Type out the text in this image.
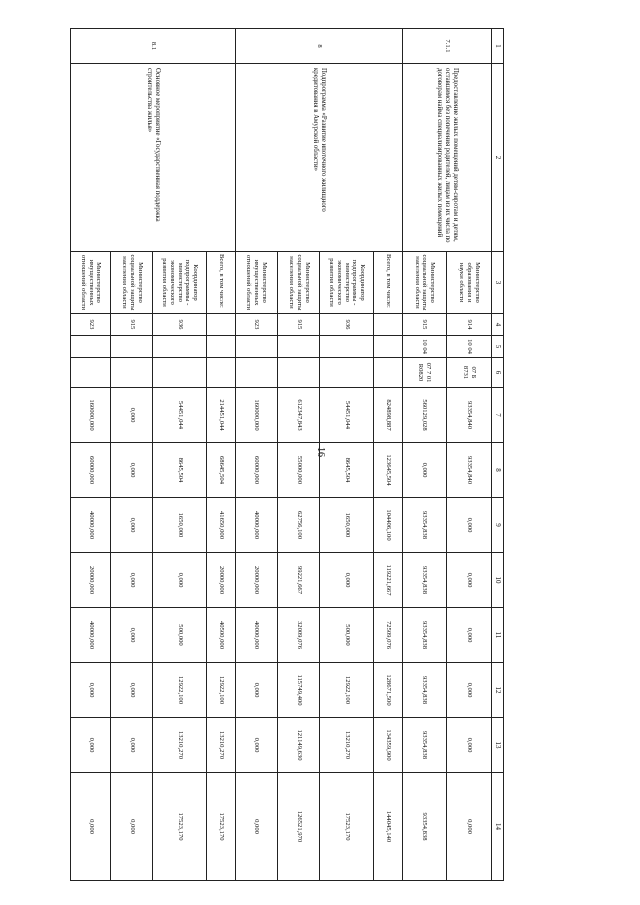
16
1	2	3	4	5	6	7	8	9	10	11	12	13	14
7.1.1	Предоставление жилых помещений детям-сиротам и детям, оставшимся без попечения родителей, лицам из их числа по договорам найма специализированных жилых помещений	Министерство образования и науки области	914	10 04	07 Б 8731	93354,840	93354,840	0,000	0,000	0,000	0,000	0,000	0,000
		Министерство социальной защиты населения области	915	10 04	07 7 01 R0820	560129,028	0,000	93354,838	93354,838	93354,838	93354,838	93354,838	93354,838
8	Подпрограмма «Развитие ипотечного жилищного кредитования в Амурской области»	Всего, в том числе:				824898,887	123645,504	104406,100	119221,667	72509,076	128671,500	134359,900	144045,140
		Координатор подпрограммы - министерство экономического развития области	936			54451,044	8645,504	1650,000	0,000	500,000	12922,100	13210,270	17523,170
		Министерство социальной защиты населения области	915			612347,843	55000,000	62756,100	99221,667	32009,076	115749,400	121149,630	126521,970
		Министерство имущественных отношений области	923			160000,000	60000,000	40000,000	20000,000	40000,000	0,000	0,000	0,000
8.1	Основное мероприятие «Государственная поддержка строительства жилья»	Всего, в том числе:				214451,044	68645,504	41650,000	20000,000	40500,000	12922,100	13210,270	17523,170
		Координатор подпрограммы - министерство экономического развития области	936			54451,044	8645,504	1650,000	0,000	500,000	12922,100	13210,270	17523,170
		Министерство социальной защиты населения области	915			0,000	0,000	0,000	0,000	0,000	0,000	0,000	0,000
		Министерство имущественных отношений области	923			160000,000	60000,000	40000,000	20000,000	40000,000	0,000	0,000	0,000
